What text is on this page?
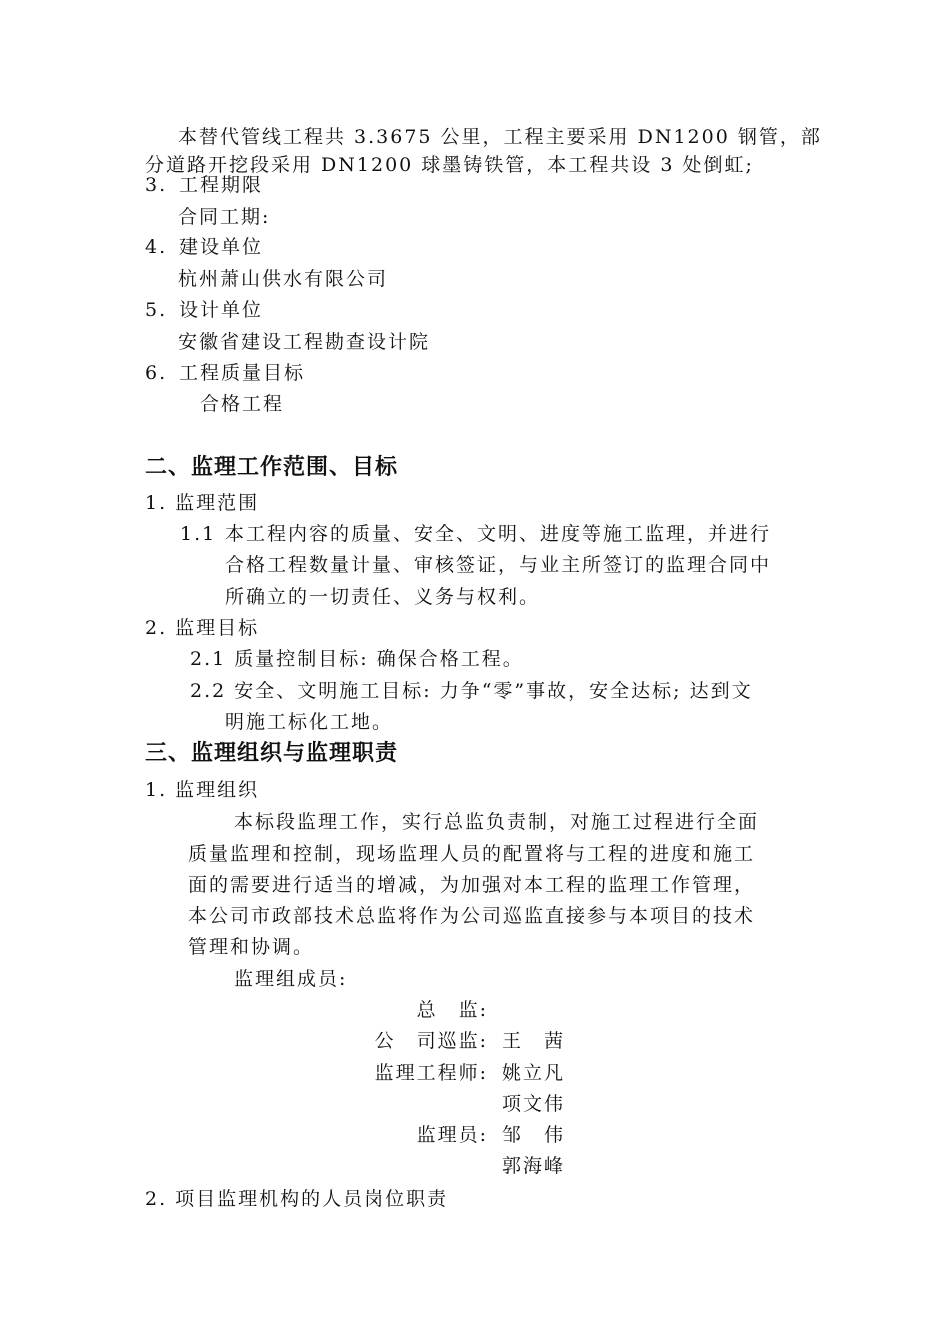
本替代管线工程共 3.3675 公里，工程主要采用 DN1200 钢管，部
分道路开挖段采用 DN1200 球墨铸铁管，本工程共设 3 处倒虹;
3. 工程期限
合同工期:
4. 建设单位
杭州萧山供水有限公司
5. 设计单位
安徽省建设工程勘查设计院
6. 工程质量目标
合格工程
二、监理工作范围、目标
1. 监理范围
1.1 本工程内容的质量、安全、文明、进度等施工监理，并进行
合格工程数量计量、审核签证，与业主所签订的监理合同中
所确立的一切责任、义务与权利。
2. 监理目标
2.1 质量控制目标: 确保合格工程。
2.2 安全、文明施工目标: 力争“零”事故，安全达标; 达到文
明施工标化工地。
三、监理组织与监理职责
1. 监理组织
本标段监理工作，实行总监负责制，对施工过程进行全面
质量监理和控制，现场监理人员的配置将与工程的进度和施工
面的需要进行适当的增减，为加强对本工程的监理工作管理，
本公司市政部技术总监将作为公司巡监直接参与本项目的技术
管理和协调。
监理组成员:
总　监:
公　司巡监: 王　茜
监理工程师: 姚立凡
项文伟
监理员: 邹　伟
郭海峰
2. 项目监理机构的人员岗位职责
